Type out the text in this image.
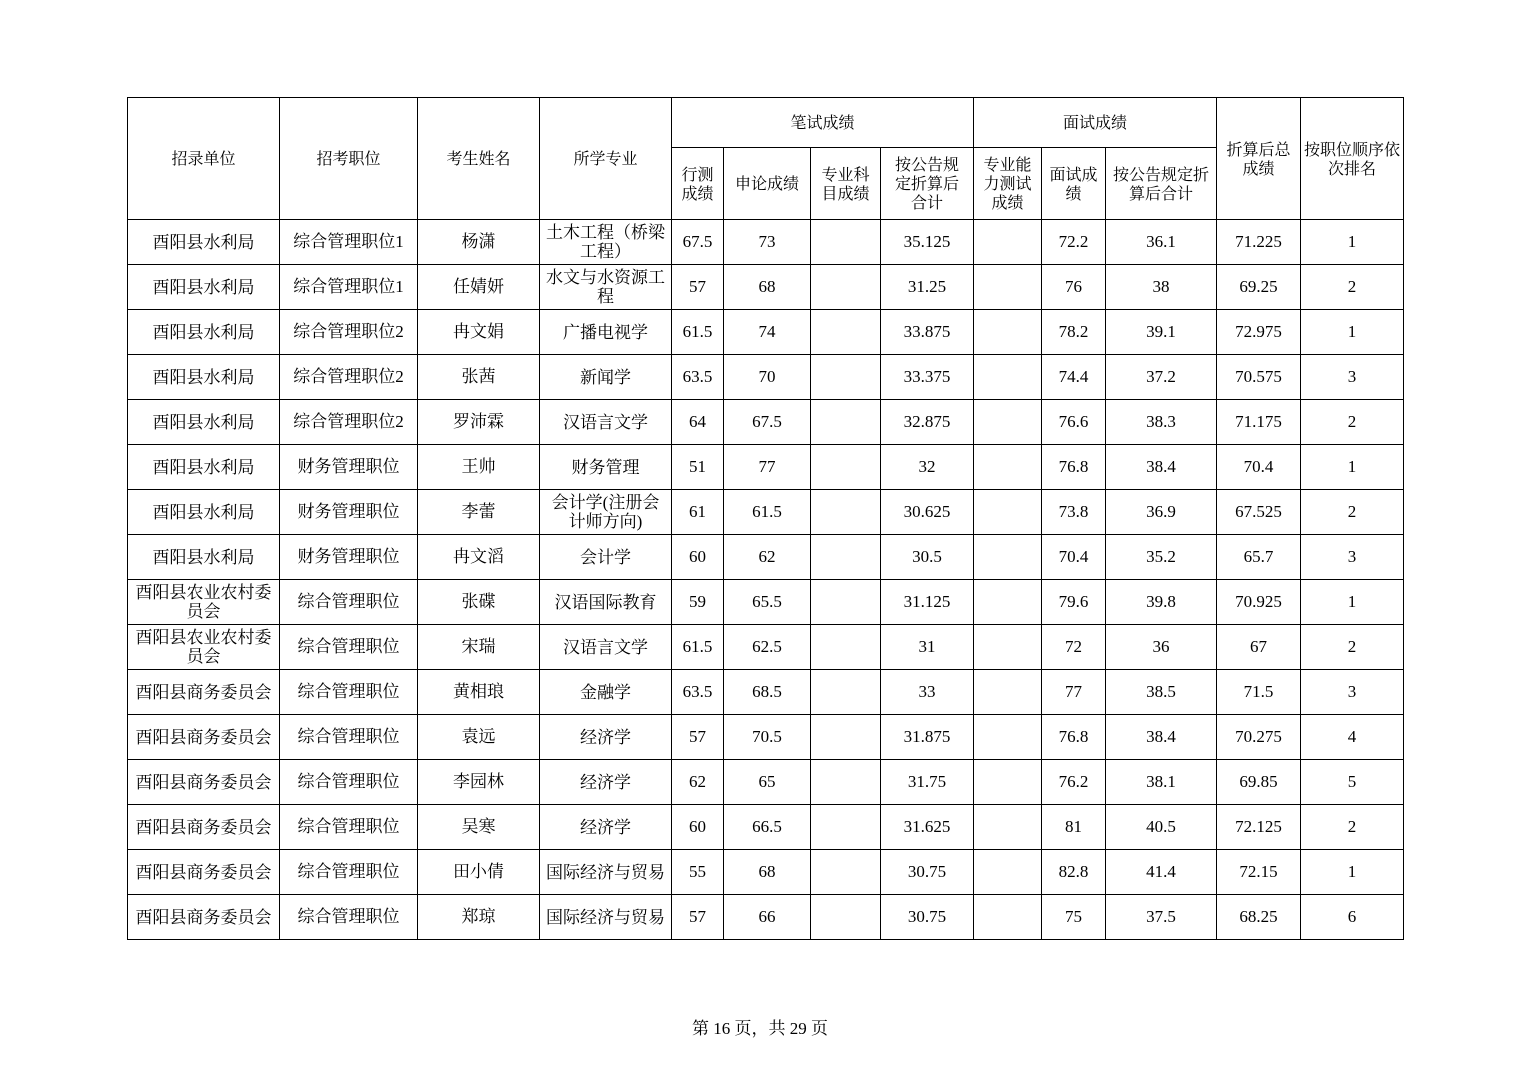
招录单位	招考职位	考生姓名	所学专业	笔试成绩				面试成绩			折算后总成绩	按职位顺序依次排名

				行测成绩	申论成绩	专业科目成绩	按公告规定折算后合计	专业能力测试成绩	面试成绩	按公告规定折算后合计		

酉阳县水利局	综合管理职位1	杨潇	土木工程（桥梁工程）	67.5	73		35.125		72.2	36.1	71.225	1

酉阳县水利局	综合管理职位1	任婧妍	水文与水资源工程	57	68		31.25		76	38	69.25	2

酉阳县水利局	综合管理职位2	冉文娟	广播电视学	61.5	74		33.875		78.2	39.1	72.975	1

酉阳县水利局	综合管理职位2	张茜	新闻学	63.5	70		33.375		74.4	37.2	70.575	3

酉阳县水利局	综合管理职位2	罗沛霖	汉语言文学	64	67.5		32.875		76.6	38.3	71.175	2

酉阳县水利局	财务管理职位	王帅	财务管理	51	77		32		76.8	38.4	70.4	1

酉阳县水利局	财务管理职位	李蕾	会计学(注册会计师方向)	61	61.5		30.625		73.8	36.9	67.525	2

酉阳县水利局	财务管理职位	冉文滔	会计学	60	62		30.5		70.4	35.2	65.7	3

酉阳县农业农村委员会	综合管理职位	张碟	汉语国际教育	59	65.5		31.125		79.6	39.8	70.925	1

酉阳县农业农村委员会	综合管理职位	宋瑞	汉语言文学	61.5	62.5		31		72	36	67	2

酉阳县商务委员会	综合管理职位	黄相琅	金融学	63.5	68.5		33		77	38.5	71.5	3

酉阳县商务委员会	综合管理职位	袁远	经济学	57	70.5		31.875		76.8	38.4	70.275	4

酉阳县商务委员会	综合管理职位	李园林	经济学	62	65		31.75		76.2	38.1	69.85	5

酉阳县商务委员会	综合管理职位	吴寒	经济学	60	66.5		31.625		81	40.5	72.125	2

酉阳县商务委员会	综合管理职位	田小倩	国际经济与贸易	55	68		30.75		82.8	41.4	72.15	1

酉阳县商务委员会	综合管理职位	郑琼	国际经济与贸易	57	66		30.75		75	37.5	68.25	6
第 16 页，共 29 页
